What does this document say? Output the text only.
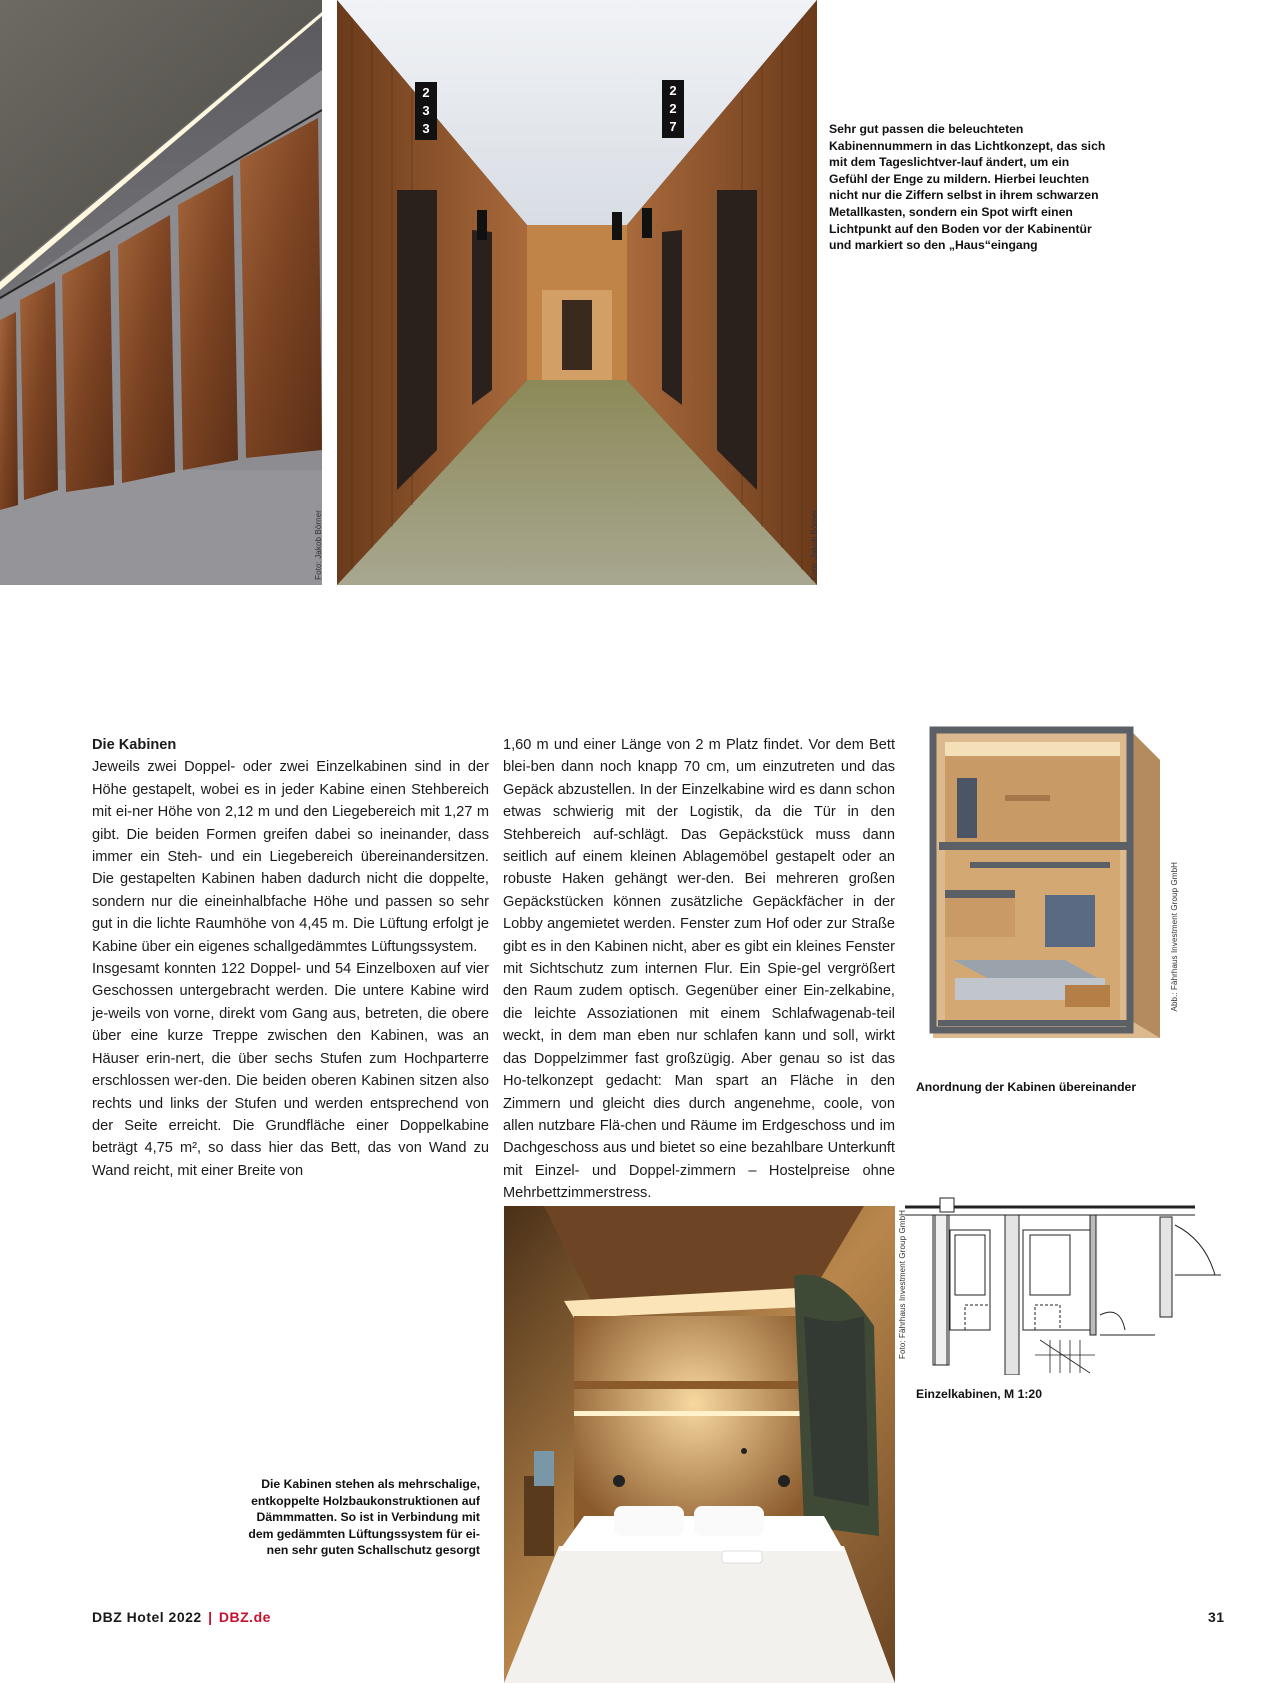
Foto: Jakob Börner
2
3
3
2
2
7
Foto: Jakob Börner
Sehr gut passen die beleuchteten Kabinennummern in das Lichtkonzept, das sich mit dem Tageslichtver-lauf ändert, um ein Gefühl der Enge zu mildern. Hierbei leuchten nicht nur die Ziffern selbst in ihrem schwarzen Metallkasten, sondern ein Spot wirft einen Lichtpunkt auf den Boden vor der Kabinentür und markiert so den „Haus“eingang
Die Kabinen

Jeweils zwei Doppel- oder zwei Einzelkabinen sind in der Höhe gestapelt, wobei es in jeder Kabine einen Stehbereich mit ei-ner Höhe von 2,12 m und den Liegebereich mit 1,27 m gibt. Die beiden Formen greifen dabei so ineinander, dass immer ein Steh- und ein Liegebereich übereinandersitzen. Die gestapelten Kabinen haben dadurch nicht die doppelte, sondern nur die eineinhalbfache Höhe und passen so sehr gut in die lichte Raumhöhe von 4,45 m. Die Lüftung erfolgt je Kabine über ein eigenes schallgedämmtes Lüftungssystem.

Insgesamt konnten 122 Doppel- und 54 Einzelboxen auf vier Geschossen untergebracht werden. Die untere Kabine wird je-weils von vorne, direkt vom Gang aus, betreten, die obere über eine kurze Treppe zwischen den Kabinen, was an Häuser erin-nert, die über sechs Stufen zum Hochparterre erschlossen wer-den. Die beiden oberen Kabinen sitzen also rechts und links der Stufen und werden entsprechend von der Seite erreicht. Die Grundfläche einer Doppelkabine beträgt 4,75 m², so dass hier das Bett, das von Wand zu Wand reicht, mit einer Breite von

1,60 m und einer Länge von 2 m Platz findet. Vor dem Bett blei-ben dann noch knapp 70 cm, um einzutreten und das Gepäck abzustellen. In der Einzelkabine wird es dann schon etwas schwierig mit der Logistik, da die Tür in den Stehbereich auf-schlägt. Das Gepäckstück muss dann seitlich auf einem kleinen Ablagemöbel gestapelt oder an robuste Haken gehängt wer-den. Bei mehreren großen Gepäckstücken können zusätzliche Gepäckfächer in der Lobby angemietet werden. Fenster zum Hof oder zur Straße gibt es in den Kabinen nicht, aber es gibt ein kleines Fenster mit Sichtschutz zum internen Flur. Ein Spie-gel vergrößert den Raum zudem optisch. Gegenüber einer Ein-zelkabine, die leichte Assoziationen mit einem Schlafwagenab-teil weckt, in dem man eben nur schlafen kann und soll, wirkt das Doppelzimmer fast großzügig. Aber genau so ist das Ho-telkonzept gedacht: Man spart an Fläche in den Zimmern und gleicht dies durch angenehme, coole, von allen nutzbare Flä-chen und Räume im Erdgeschoss und im Dachgeschoss aus und bietet so eine bezahlbare Unterkunft mit Einzel- und Doppel-zimmern – Hostelpreise ohne Mehrbettzimmerstress.

Abb.: Fährhaus Investment Group GmbH
Anordnung der Kabinen übereinander
Foto: Fährhaus Investment Group GmbH
Einzelkabinen, M 1:20
Die Kabinen stehen als mehrschalige, entkoppelte Holzbaukonstruktionen auf Dämmmatten. So ist in Verbindung mit dem gedämmten Lüftungssystem für ei-nen sehr guten Schallschutz gesorgt
DBZ Hotel 2022 | DBZ.de	31
